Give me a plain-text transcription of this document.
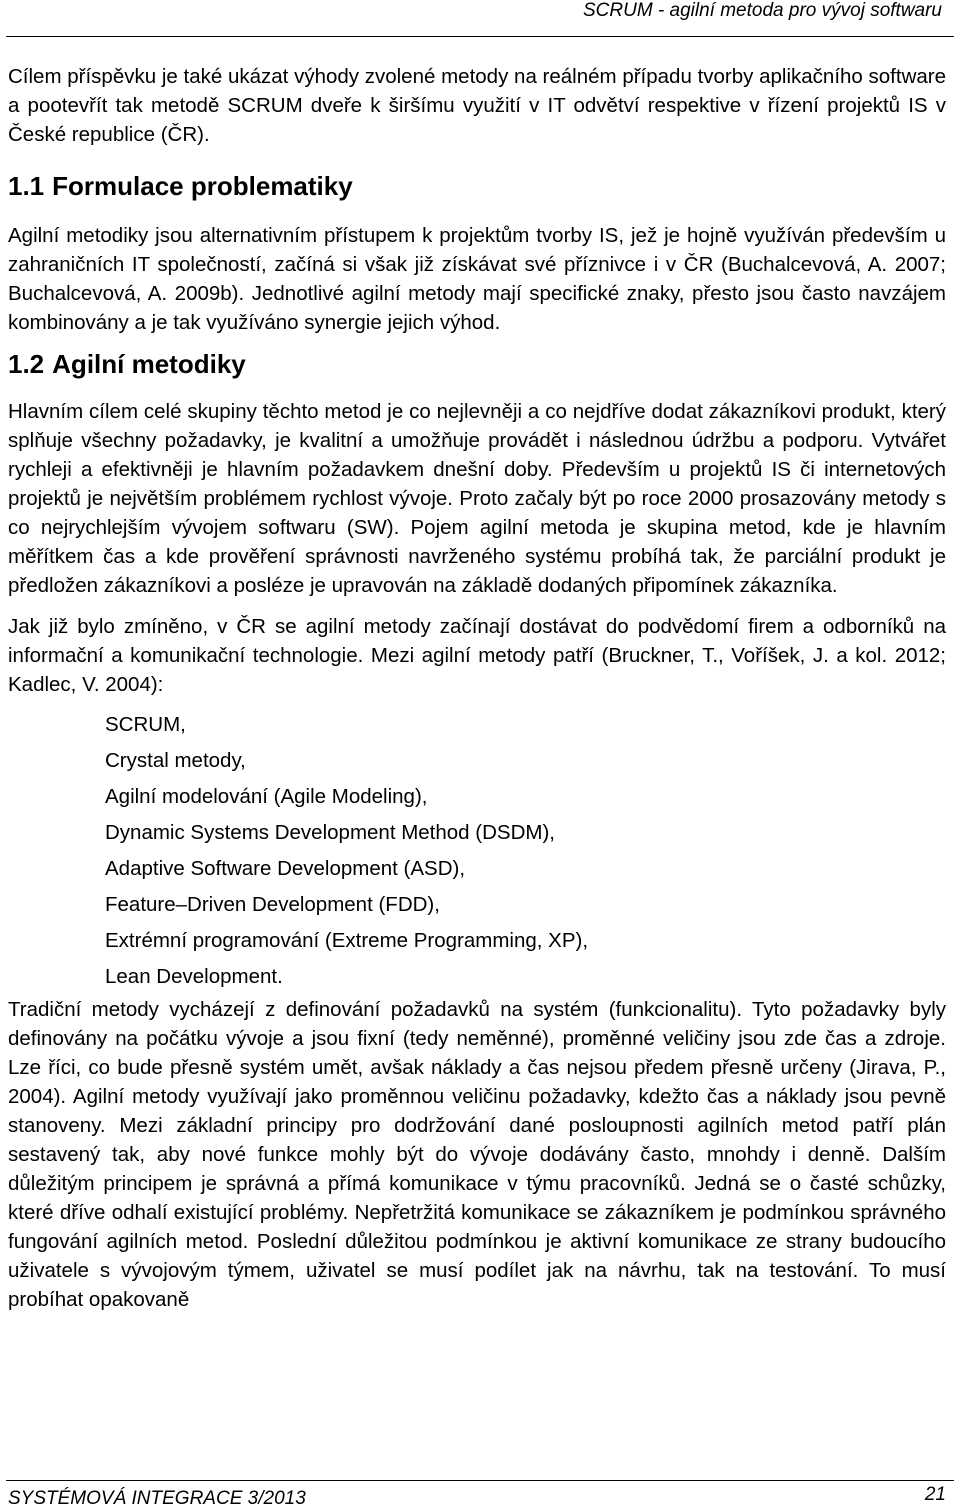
SCRUM - agilní metoda pro vývoj softwaru

Cílem příspěvku je také ukázat výhody zvolené metody na reálném případu tvorby aplikačního software a pootevřít tak metodě SCRUM dveře k širšímu využití v IT odvětví respektive v řízení projektů IS v České republice (ČR).

1.1 Formulace problematiky

Agilní metodiky jsou alternativním přístupem k projektům tvorby IS, jež je hojně využíván především u zahraničních IT společností, začíná si však již získávat své příznivce i v ČR (Buchalcevová, A. 2007; Buchalcevová, A. 2009b). Jednotlivé agilní metody mají specifické znaky, přesto jsou často navzájem kombinovány a je tak využíváno synergie jejich výhod.

1.2 Agilní metodiky

Hlavním cílem celé skupiny těchto metod je co nejlevněji a co nejdříve dodat zákazníkovi produkt, který splňuje všechny požadavky, je kvalitní a umožňuje provádět i následnou údržbu a podporu. Vytvářet rychleji a efektivněji je hlavním požadavkem dnešní doby. Především u projektů IS či internetových projektů je největším problémem rychlost vývoje. Proto začaly být po roce 2000 prosazovány metody s co nejrychlejším vývojem softwaru (SW). Pojem agilní metoda je skupina metod, kde je hlavním měřítkem čas a kde prověření správnosti navrženého systému probíhá tak, že parciální produkt je předložen zákazníkovi a posléze je upravován na základě dodaných připomínek zákazníka.

Jak již bylo zmíněno, v ČR se agilní metody začínají dostávat do podvědomí firem a odborníků na informační a komunikační technologie. Mezi agilní metody patří (Bruckner, T., Voříšek, J. a kol. 2012; Kadlec, V. 2004):

SCRUM,
Crystal metody,
Agilní modelování (Agile Modeling),
Dynamic Systems Development Method (DSDM),
Adaptive Software Development (ASD),
Feature–Driven Development (FDD),
Extrémní programování (Extreme Programming, XP),
Lean Development.

Tradiční metody vycházejí z definování požadavků na systém (funkcionalitu). Tyto požadavky byly definovány na počátku vývoje a jsou fixní (tedy neměnné), proměnné veličiny jsou zde čas a zdroje. Lze říci, co bude přesně systém umět, avšak náklady a čas nejsou předem přesně určeny (Jirava, P., 2004). Agilní metody využívají jako proměnnou veličinu požadavky, kdežto čas a náklady jsou pevně stanoveny. Mezi základní principy pro dodržování dané posloupnosti agilních metod patří plán sestavený tak, aby nové funkce mohly být do vývoje dodávány často, mnohdy i denně. Dalším důležitým principem je správná a přímá komunikace v týmu pracovníků. Jedná se o časté schůzky, které dříve odhalí existující problémy. Nepřetržitá komunikace se zákazníkem je podmínkou správného fungování agilních metod. Poslední důležitou podmínkou je aktivní komunikace ze strany budoucího uživatele s vývojovým týmem, uživatel se musí podílet jak na návrhu, tak na testování. To musí probíhat opakovaně

SYSTÉMOVÁ INTEGRACE 3/2013	21
